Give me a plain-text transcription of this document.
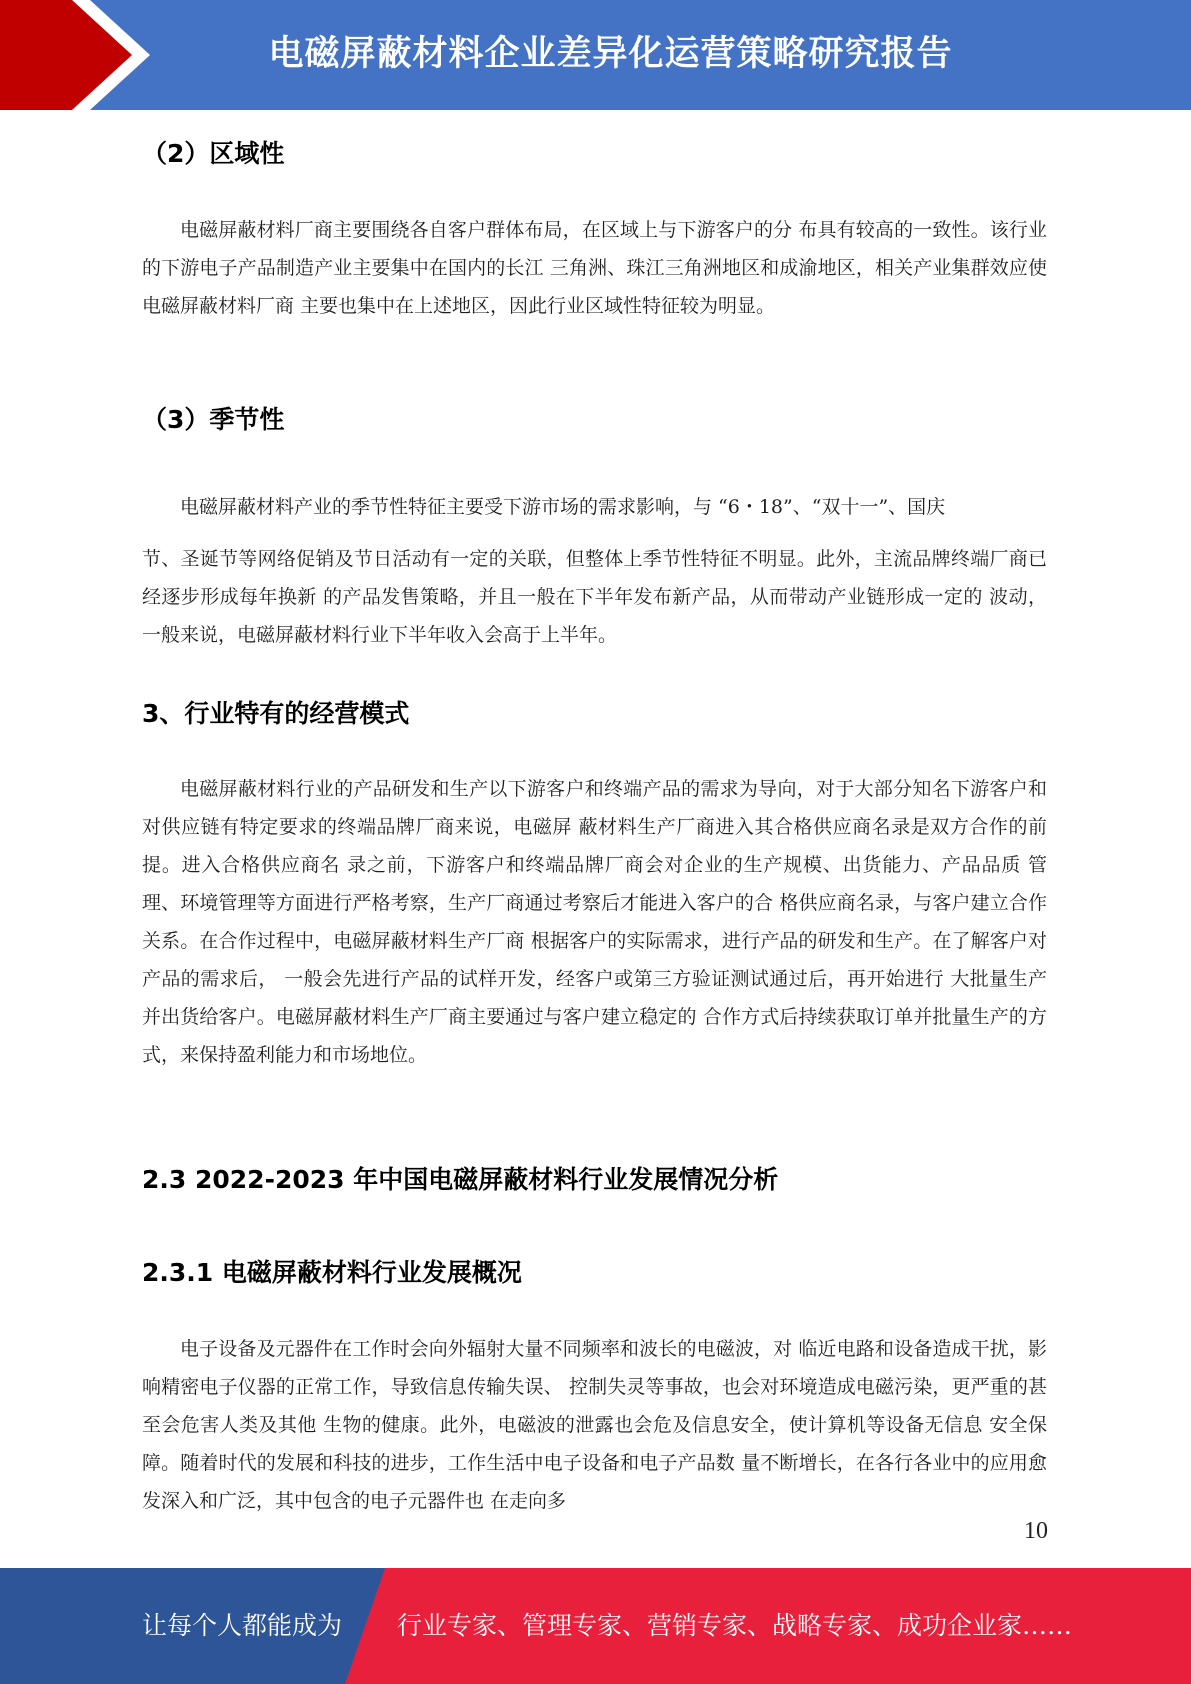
电磁屏蔽材料企业差异化运营策略研究报告
（2）区域性

电磁屏蔽材料厂商主要围绕各自客户群体布局，在区域上与下游客户的分 布具有较高的一致性。该行业的下游电子产品制造产业主要集中在国内的长江 三角洲、珠江三角洲地区和成渝地区，相关产业集群效应使电磁屏蔽材料厂商 主要也集中在上述地区，因此行业区域性特征较为明显。

（3）季节性

电磁屏蔽材料产业的季节性特征主要受下游市场的需求影响，与 “6・18”、“双十一”、国庆

节、圣诞节等网络促销及节日活动有一定的关联，但整体上季节性特征不明显。此外，主流品牌终端厂商已经逐步形成每年换新 的产品发售策略，并且一般在下半年发布新产品，从而带动产业链形成一定的 波动，一般来说，电磁屏蔽材料行业下半年收入会高于上半年。

3、行业特有的经营模式

电磁屏蔽材料行业的产品研发和生产以下游客户和终端产品的需求为导向，对于大部分知名下游客户和对供应链有特定要求的终端品牌厂商来说，电磁屏 蔽材料生产厂商进入其合格供应商名录是双方合作的前提。进入合格供应商名 录之前，下游客户和终端品牌厂商会对企业的生产规模、出货能力、产品品质 管理、环境管理等方面进行严格考察，生产厂商通过考察后才能进入客户的合 格供应商名录，与客户建立合作关系。在合作过程中，电磁屏蔽材料生产厂商 根据客户的实际需求，进行产品的研发和生产。在了解客户对产品的需求后， 一般会先进行产品的试样开发，经客户或第三方验证测试通过后，再开始进行 大批量生产并出货给客户。电磁屏蔽材料生产厂商主要通过与客户建立稳定的 合作方式后持续获取订单并批量生产的方式，来保持盈利能力和市场地位。

2.3 2022-2023 年中国电磁屏蔽材料行业发展情况分析
2.3.1 电磁屏蔽材料行业发展概况

电子设备及元器件在工作时会向外辐射大量不同频率和波长的电磁波，对 临近电路和设备造成干扰，影响精密电子仪器的正常工作，导致信息传输失误、 控制失灵等事故，也会对环境造成电磁污染，更严重的甚至会危害人类及其他 生物的健康。此外，电磁波的泄露也会危及信息安全，使计算机等设备无信息 安全保障。随着时代的发展和科技的进步，工作生活中电子设备和电子产品数 量不断增长，在各行各业中的应用愈发深入和广泛，其中包含的电子元器件也 在走向多

10
让每个人都能成为 行业专家、管理专家、营销专家、战略专家、成功企业家……
